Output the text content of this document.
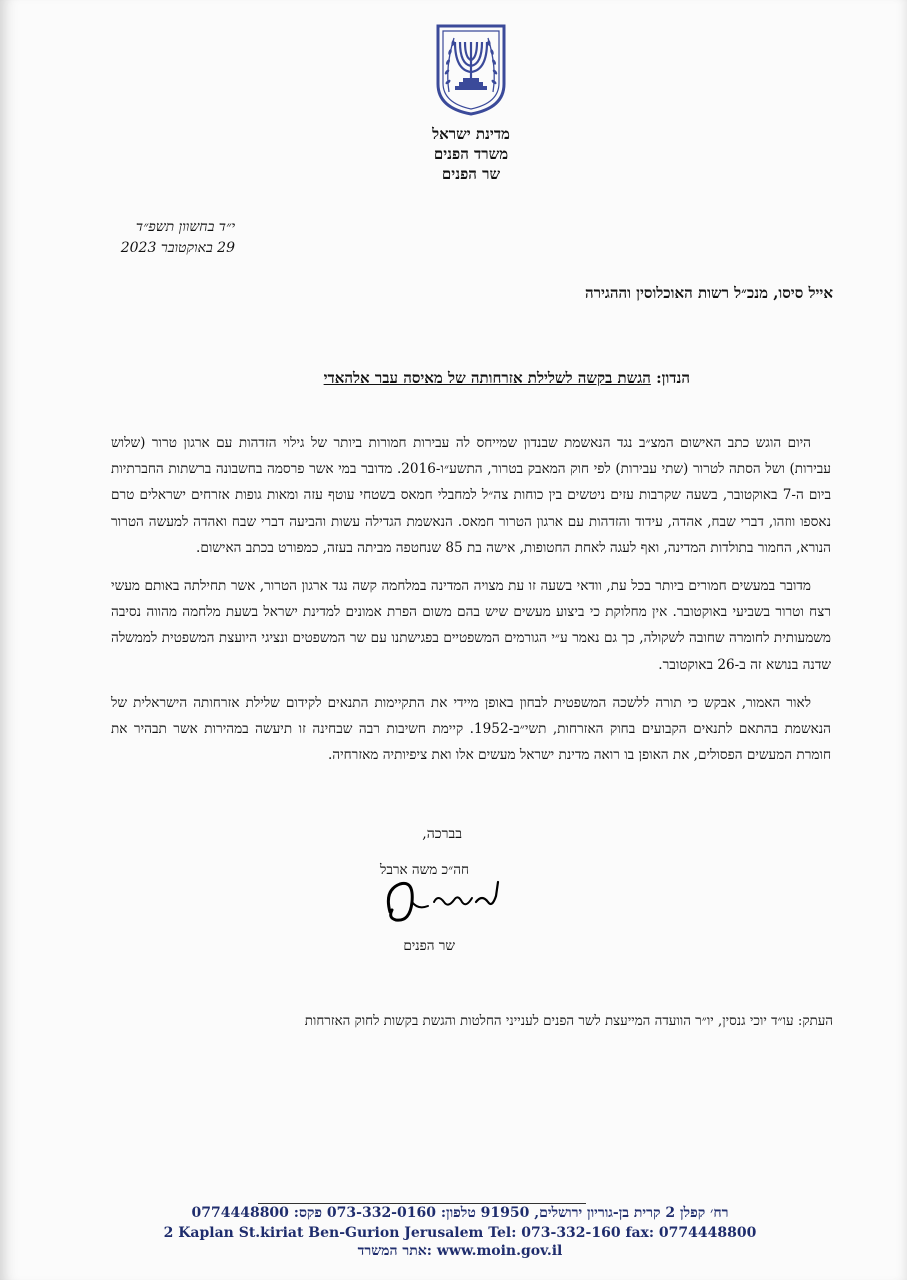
מדינת ישראל
משרד הפנים
שר הפנים
י״ד בחשוון תשפ״ד
29 באוקטובר 2023
אייל סיסו, מנכ״ל רשות האוכלוסין וההגירה
הנדון: הגשת בקשה לשלילת אזרחותה של מאיסה עבר אלהאדי

היום הוגש כתב האישום המצ״ב נגד הנאשמת שבנדון שמייחס לה עבירות חמורות ביותר של גילוי הזדהות עם ארגון טרור (שלוש עבירות) ושל הסתה לטרור (שתי עבירות) לפי חוק המאבק בטרור, התשע״ו-2016. מדובר במי אשר פרסמה בחשבונה ברשתות החברתיות ביום ה-7 באוקטובר, בשעה שקרבות עזים ניטשים בין כוחות צה״ל למחבלי חמאס בשטחי עוטף עזה ומאות גופות אזרחים ישראלים טרם נאספו ווזהו, דברי שבח, אהדה, עידוד והזדהות עם ארגון הטרור חמאס. הנאשמת הגדילה עשות והביעה דברי שבח ואהדה למעשה הטרור הנורא, החמור בתולדות המדינה, ואף לעגה לאחת החטופות, אישה בת 85 שנחטפה מביתה בעזה, כמפורט בכתב האישום.

מדובר במעשים חמורים ביותר בכל עת, וודאי בשעה זו עת מצויה המדינה במלחמה קשה נגד ארגון הטרור, אשר תחילתה באותם מעשי רצח וטרור בשביעי באוקטובר. אין מחלוקת כי ביצוע מעשים שיש בהם משום הפרת אמונים למדינת ישראל בשעת מלחמה מהווה נסיבה משמעותית לחומרה שחובה לשקולה, כך גם נאמר ע״י הגורמים המשפטיים בפגישתנו עם שר המשפטים ונציגי היועצת המשפטית לממשלה שדנה בנושא זה ב-26 באוקטובר.

לאור האמור, אבקש כי תורה ללשכה המשפטית לבחון באופן מיידי את התקיימות התנאים לקידום שלילת אזרחותה הישראלית של הנאשמת בהתאם לתנאים הקבועים בחוק האזרחות, תשי״ב-1952. קיימת חשיבות רבה שבחינה זו תיעשה במהירות אשר תבהיר את חומרת המעשים הפסולים, את האופן בו רואה מדינת ישראל מעשים אלו ואת ציפיותיה מאזרחיה.

בברכה,
חה״כ משה ארבל
שר הפנים
העתק: עו״ד יוכי גנסין, יו״ר הוועדה המייעצת לשר הפנים לענייני החלטות והגשת בקשות לחוק האזרחות
רח׳ קפלן 2 קרית בן-גוריון ירושלים, 91950 טלפון: 073-332-0160 פקס: 0774448800
2 Kaplan St.kiriat Ben-Gurion Jerusalem Tel: 073-332-160 fax: 0774448800
www.moin.gov.il :אתר המשרד
